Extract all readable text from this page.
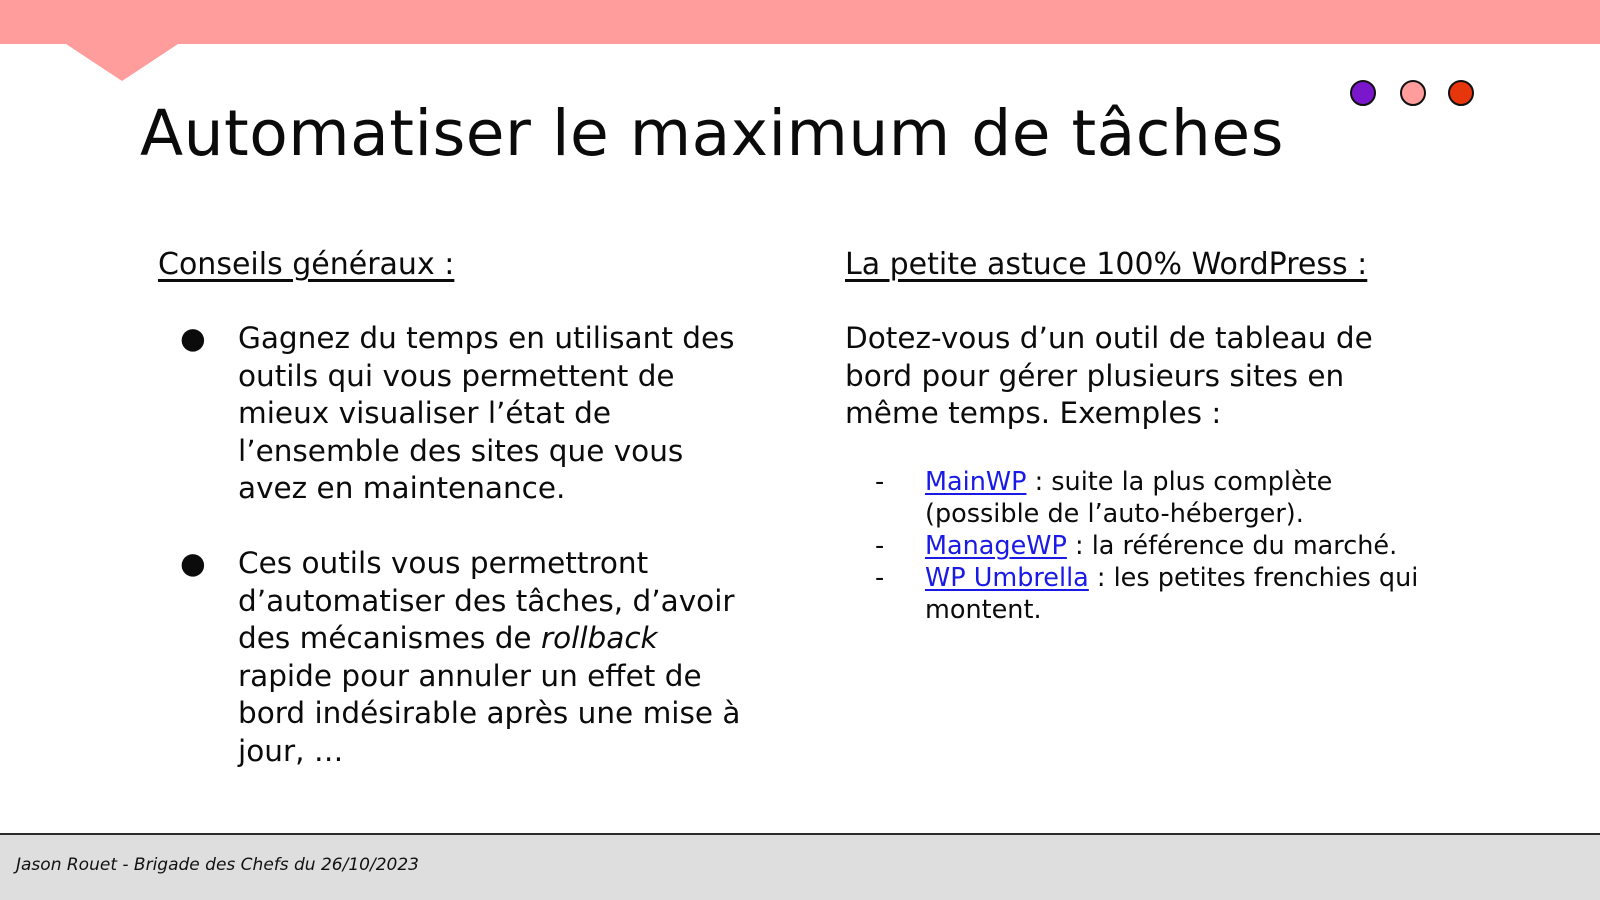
Automatiser le maximum de tâches

Conseils généraux :

● Gagnez du temps en utilisant des outils qui vous permettent de mieux visualiser l’état de l’ensemble des sites que vous avez en maintenance.
● Ces outils vous permettront d’automatiser des tâches, d’avoir des mécanismes de rollback rapide pour annuler un effet de bord indésirable après une mise à jour, …

La petite astuce 100% WordPress :

Dotez-vous d’un outil de tableau de bord pour gérer plusieurs sites en même temps. Exemples :

- MainWP : suite la plus complète (possible de l’auto-héberger).
- ManageWP : la référence du marché.
- WP Umbrella : les petites frenchies qui montent.

Jason Rouet - Brigade des Chefs du 26/10/2023
